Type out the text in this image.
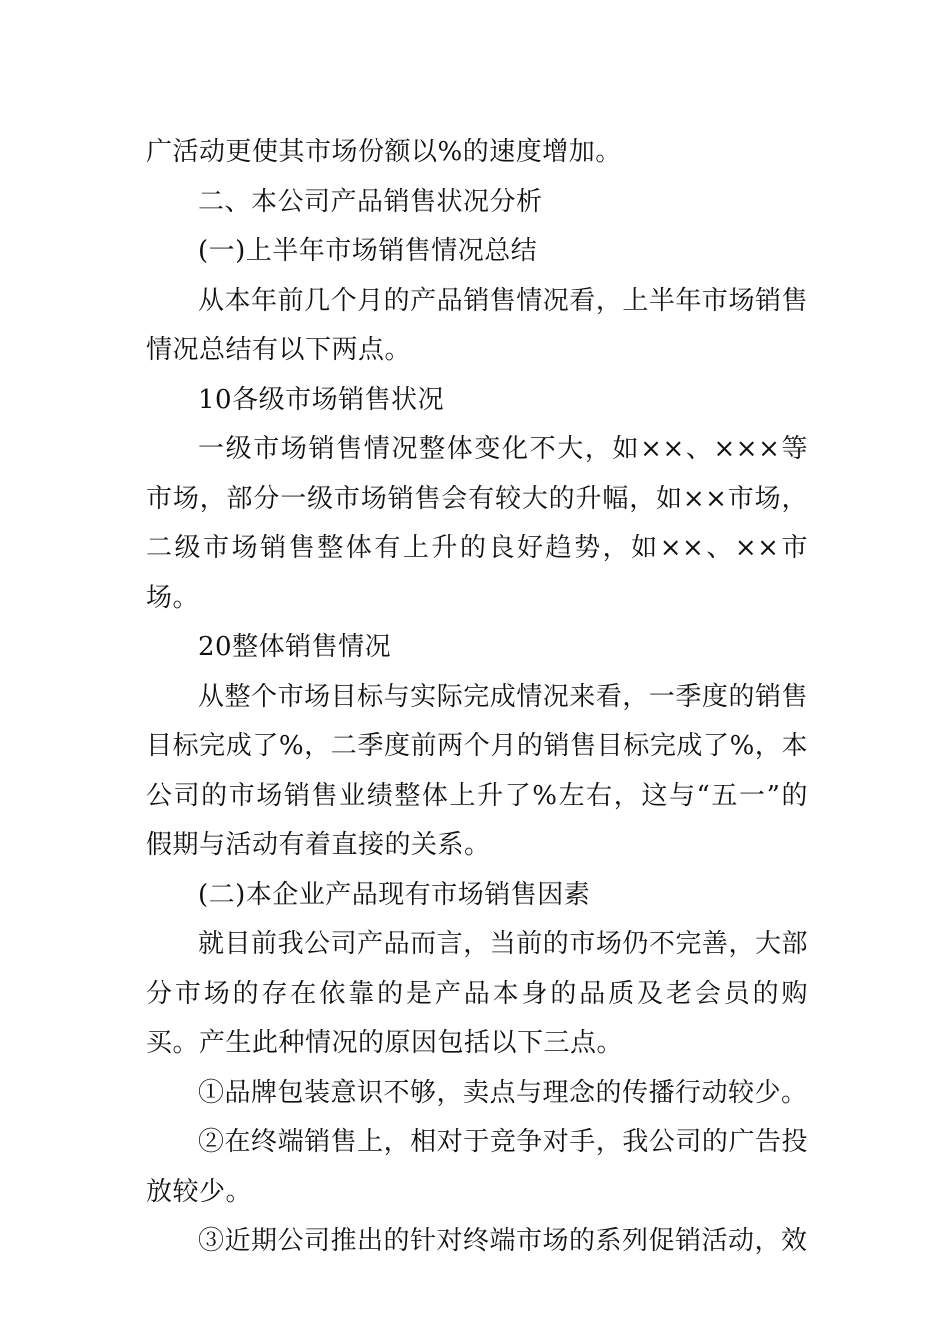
广活动更使其市场份额以%的速度增加。

二、本公司产品销售状况分析

(一)上半年市场销售情况总结

从本年前几个月的产品销售情况看，上半年市场销售情况总结有以下两点。

10各级市场销售状况

一级市场销售情况整体变化不大，如××、×××等市场，部分一级市场销售会有较大的升幅，如××市场，二级市场销售整体有上升的良好趋势，如××、××市场。

20整体销售情况

从整个市场目标与实际完成情况来看，一季度的销售目标完成了%，二季度前两个月的销售目标完成了%，本公司的市场销售业绩整体上升了%左右，这与“五一”的假期与活动有着直接的关系。

(二)本企业产品现有市场销售因素

就目前我公司产品而言，当前的市场仍不完善，大部分市场的存在依靠的是产品本身的品质及老会员的购买。产生此种情况的原因包括以下三点。

①品牌包装意识不够，卖点与理念的传播行动较少。

②在终端销售上，相对于竞争对手，我公司的广告投放较少。

③近期公司推出的针对终端市场的系列促销活动，效
